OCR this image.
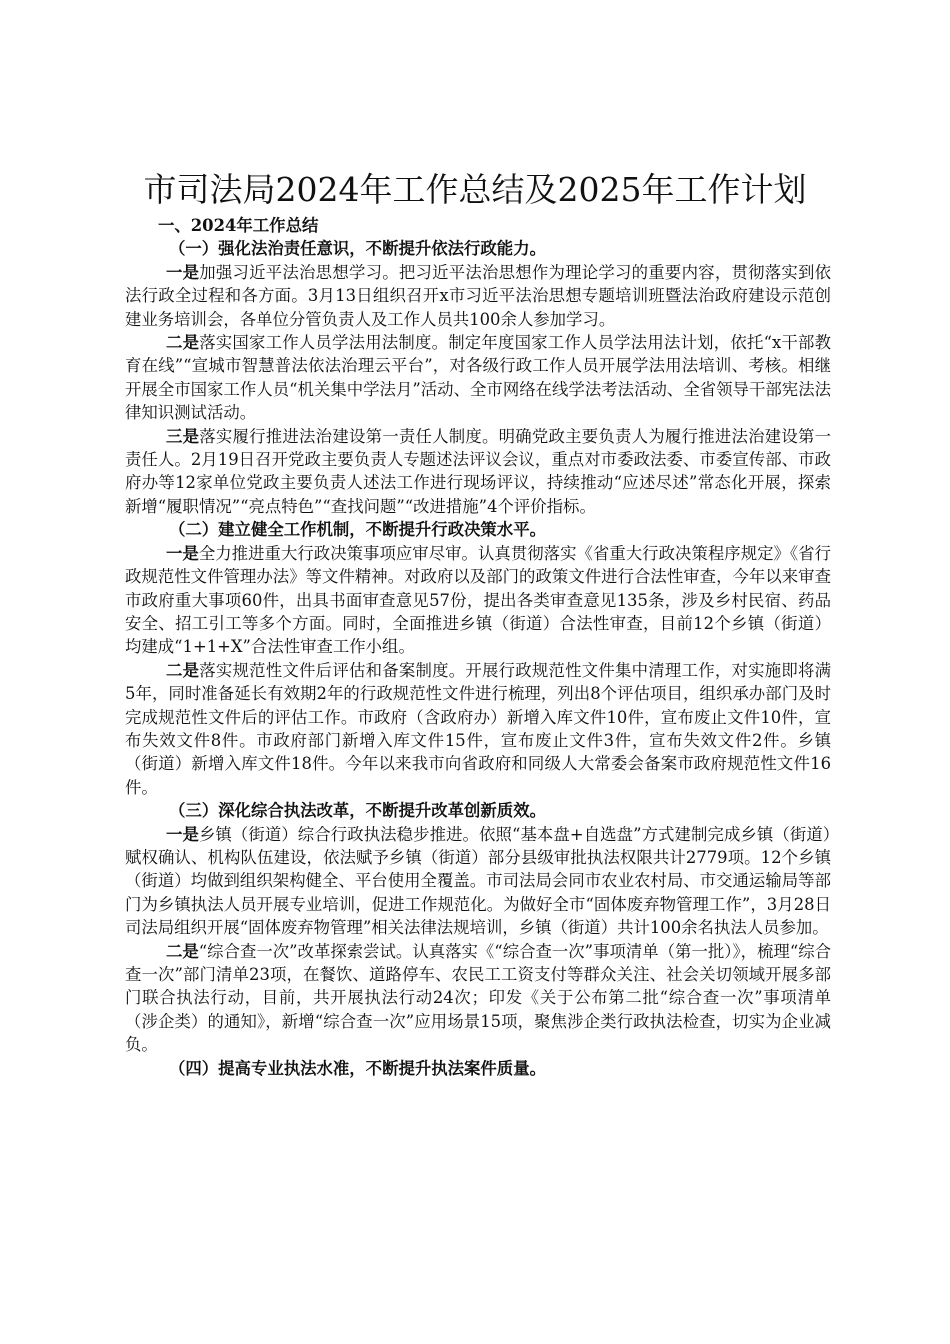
市司法局2024年工作总结及2025年工作计划

一、2024年工作总结

（一）强化法治责任意识，不断提升依法行政能力。

一是加强习近平法治思想学习。把习近平法治思想作为理论学习的重要内容，贯彻落实到依法行政全过程和各方面。3月13日组织召开x市习近平法治思想专题培训班暨法治政府建设示范创建业务培训会，各单位分管负责人及工作人员共100余人参加学习。

二是落实国家工作人员学法用法制度。制定年度国家工作人员学法用法计划，依托“x干部教育在线”“宣城市智慧普法依法治理云平台”，对各级行政工作人员开展学法用法培训、考核。相继开展全市国家工作人员“机关集中学法月”活动、全市网络在线学法考法活动、全省领导干部宪法法律知识测试活动。

三是落实履行推进法治建设第一责任人制度。明确党政主要负责人为履行推进法治建设第一责任人。2月19日召开党政主要负责人专题述法评议会议，重点对市委政法委、市委宣传部、市政府办等12家单位党政主要负责人述法工作进行现场评议，持续推动“应述尽述”常态化开展，探索新增“履职情况”“亮点特色”“查找问题”“改进措施”4个评价指标。

（二）建立健全工作机制，不断提升行政决策水平。

一是全力推进重大行政决策事项应审尽审。认真贯彻落实《省重大行政决策程序规定》《省行政规范性文件管理办法》等文件精神。对政府以及部门的政策文件进行合法性审查，今年以来审查市政府重大事项60件，出具书面审查意见57份，提出各类审查意见135条，涉及乡村民宿、药品安全、招工引工等多个方面。同时，全面推进乡镇（街道）合法性审查，目前12个乡镇（街道）均建成“1+1+X”合法性审查工作小组。

二是落实规范性文件后评估和备案制度。开展行政规范性文件集中清理工作，对实施即将满5年，同时准备延长有效期2年的行政规范性文件进行梳理，列出8个评估项目，组织承办部门及时完成规范性文件后的评估工作。市政府（含政府办）新增入库文件10件，宣布废止文件10件，宣布失效文件8件。市政府部门新增入库文件15件，宣布废止文件3件，宣布失效文件2件。乡镇（街道）新增入库文件18件。今年以来我市向省政府和同级人大常委会备案市政府规范性文件16件。

（三）深化综合执法改革，不断提升改革创新质效。

一是乡镇（街道）综合行政执法稳步推进。依照“基本盘+自选盘”方式建制完成乡镇（街道）赋权确认、机构队伍建设，依法赋予乡镇（街道）部分县级审批执法权限共计2779项。12个乡镇（街道）均做到组织架构健全、平台使用全覆盖。市司法局会同市农业农村局、市交通运输局等部门为乡镇执法人员开展专业培训，促进工作规范化。为做好全市“固体废弃物管理工作”，3月28日司法局组织开展“固体废弃物管理”相关法律法规培训，乡镇（街道）共计100余名执法人员参加。

二是“综合查一次”改革探索尝试。认真落实《“综合查一次”事项清单（第一批）》，梳理“综合查一次”部门清单23项，在餐饮、道路停车、农民工工资支付等群众关注、社会关切领域开展多部门联合执法行动，目前，共开展执法行动24次；印发《关于公布第二批“综合查一次”事项清单（涉企类）的通知》，新增“综合查一次”应用场景15项，聚焦涉企类行政执法检查，切实为企业减负。

（四）提高专业执法水准，不断提升执法案件质量。
